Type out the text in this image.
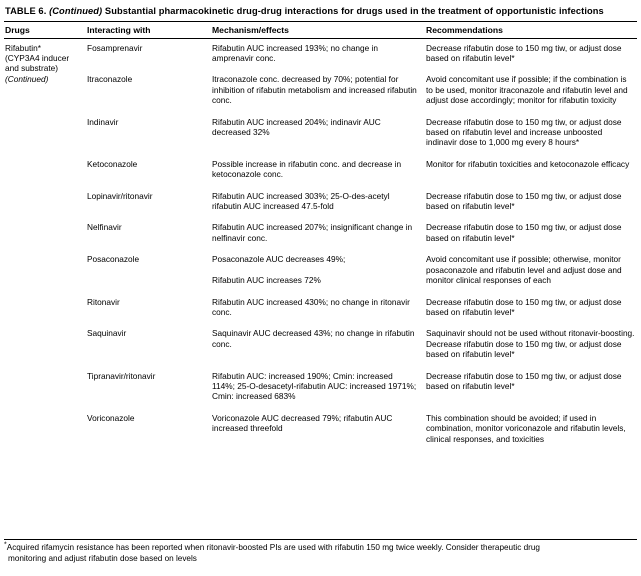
TABLE 6. (Continued) Substantial pharmacokinetic drug-drug interactions for drugs used in the treatment of opportunistic infections
Drugs	Interacting with	Mechanism/effects	Recommendations
Rifabutin*
(CYP3A4 inducer
and substrate)
(Continued)	Fosamprenavir	Rifabutin AUC increased 193%; no change in amprenavir conc.	Decrease rifabutin dose to 150 mg tiw, or adjust dose based on rifabutin level*

	Itraconazole	Itraconazole conc. decreased by 70%; potential for inhibition of rifabutin metabolism and increased rifabutin conc.	Avoid concomitant use if possible; if the combination is to be used, monitor itraconazole and rifabutin level and adjust dose accordingly; monitor for rifabutin toxicity

	Indinavir	Rifabutin AUC increased 204%; indinavir AUC decreased 32%	Decrease rifabutin dose to 150 mg tiw, or adjust dose based on rifabutin level and increase unboosted indinavir dose to 1,000 mg every 8 hours*

	Ketoconazole	Possible increase in rifabutin conc. and decrease in ketoconazole conc.	Monitor for rifabutin toxicities and ketoconazole efficacy

	Lopinavir/ritonavir	Rifabutin AUC increased 303%; 25-O-des-acetyl rifabutin AUC increased 47.5-fold	Decrease rifabutin dose to 150 mg tiw, or adjust dose based on rifabutin level*

	Nelfinavir	Rifabutin AUC increased 207%; insignificant change in nelfinavir conc.	Decrease rifabutin dose to 150 mg tiw, or adjust dose based on rifabutin level*

	Posaconazole	Posaconazole AUC decreases 49%;

Rifabutin AUC increases 72%	Avoid concomitant use if possible; otherwise, monitor posaconazole and rifabutin level and adjust dose and monitor clinical responses of each

	Ritonavir	Rifabutin AUC increased 430%; no change in ritonavir conc.	Decrease rifabutin dose to 150 mg tiw, or adjust dose based on rifabutin level*

	Saquinavir	Saquinavir AUC decreased 43%; no change in rifabutin conc.	Saquinavir should not be used without ritonavir-boosting. Decrease rifabutin dose to 150 mg tiw, or adjust dose based on rifabutin level*

	Tipranavir/ritonavir	Rifabutin AUC: increased 190%; Cmin: increased 114%; 25-O-desacetyl-rifabutin AUC: increased 1971%; Cmin: increased 683%	Decrease rifabutin dose to 150 mg tiw, or adjust dose based on rifabutin level*

	Voriconazole	Voriconazole AUC decreased 79%; rifabutin AUC increased threefold	This combination should be avoided; if used in combination, monitor voriconazole and rifabutin levels, clinical responses, and toxicities

*Acquired rifamycin resistance has been reported when ritonavir-boosted PIs are used with rifabutin 150 mg twice weekly. Consider therapeutic drug
monitoring and adjust rifabutin dose based on levels
